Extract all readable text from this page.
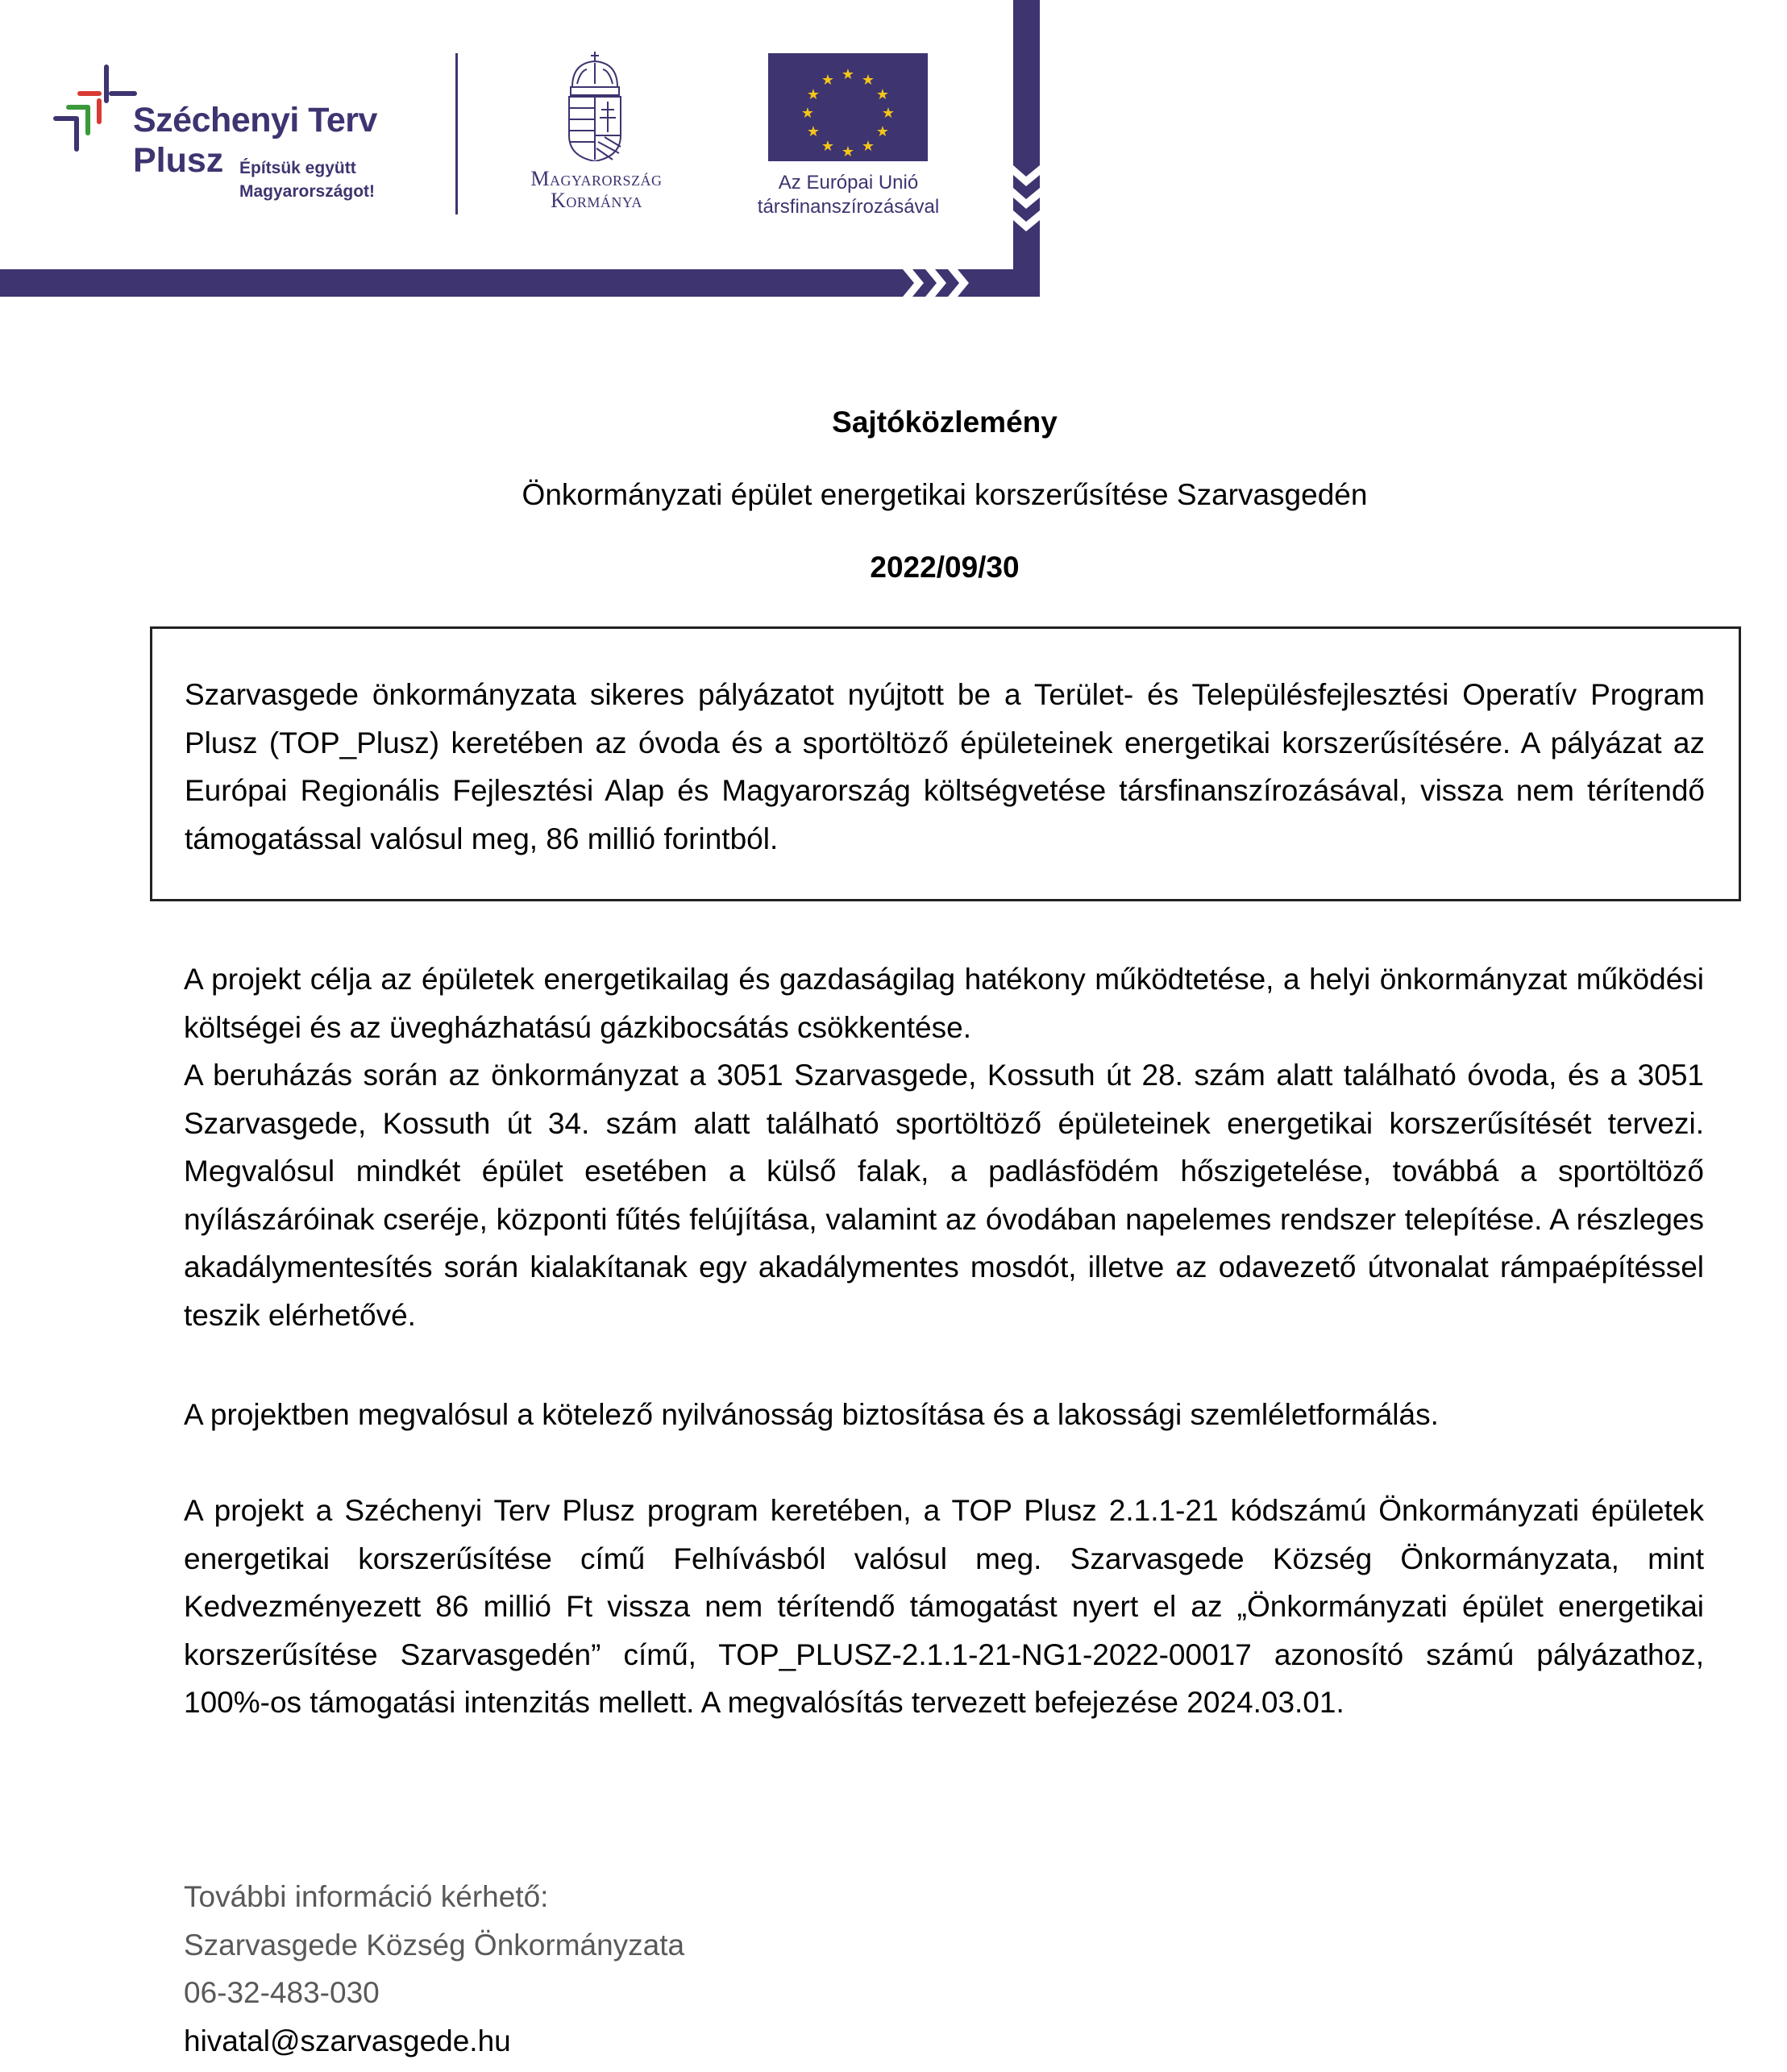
Széchenyi Terv
Plusz Építsük együtt
Magyarországot!
Magyarország
Kormánya
★ ★
★
★
★
★
★
★
★
★
★
★
Az Európai Unió
társfinanszírozásával
Sajtóközlemény
Önkormányzati épület energetikai korszerűsítése Szarvasgedén
2022/09/30
Szarvasgede önkormányzata sikeres pályázatot nyújtott be a Terület- és Településfejlesztési Operatív Program Plusz (TOP_Plusz) keretében az óvoda és a sportöltöző épületeinek energetikai korszerűsítésére. A pályázat az Európai Regionális Fejlesztési Alap és Magyarország költségvetése társfinanszírozásával, vissza nem térítendő támogatással valósul meg, 86 millió forintból.
A projekt célja az épületek energetikailag és gazdaságilag hatékony működtetése, a helyi önkormányzat működési költségei és az üvegházhatású gázkibocsátás csökkentése.
A beruházás során az önkormányzat a 3051 Szarvasgede, Kossuth út 28. szám alatt található óvoda, és a 3051 Szarvasgede, Kossuth út 34. szám alatt található sportöltöző épületeinek energetikai korszerűsítését tervezi. Megvalósul mindkét épület esetében a külső falak, a padlásfödém hőszigetelése, továbbá a sportöltöző nyílászáróinak cseréje, központi fűtés felújítása, valamint az óvodában napelemes rendszer telepítése. A részleges akadálymentesítés során kialakítanak egy akadálymentes mosdót, illetve az odavezető útvonalat rámpaépítéssel teszik elérhetővé.
A projektben megvalósul a kötelező nyilvánosság biztosítása és a lakossági szemléletformálás.
A projekt a Széchenyi Terv Plusz program keretében, a TOP Plusz 2.1.1-21 kódszámú Önkormányzati épületek energetikai korszerűsítése című Felhívásból valósul meg. Szarvasgede Község Önkormányzata, mint Kedvezményezett 86 millió Ft vissza nem térítendő támogatást nyert el az „Önkormányzati épület energetikai korszerűsítése Szarvasgedén” című, TOP_PLUSZ-2.1.1-21-NG1-2022-00017 azonosító számú pályázathoz, 100%-os támogatási intenzitás mellett. A megvalósítás tervezett befejezése 2024.03.01.
További információ kérhető:
Szarvasgede Község Önkormányzata
06-32-483-030
hivatal@szarvasgede.hu
